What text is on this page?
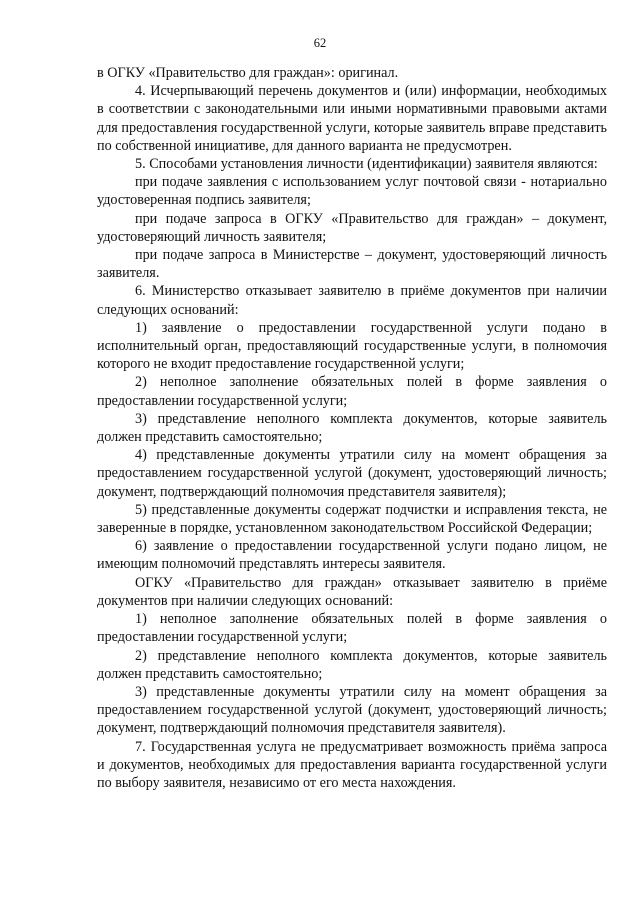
62

в ОГКУ «Правительство для граждан»: оригинал.

4. Исчерпывающий перечень документов и (или) информации, необходимых в соответствии с законодательными или иными нормативными правовыми актами для предоставления государственной услуги, которые заявитель вправе представить по собственной инициативе, для данного варианта не предусмотрен.

5. Способами установления личности (идентификации) заявителя являются:

при подаче заявления с использованием услуг почтовой связи - нотариально удостоверенная подпись заявителя;

при подаче запроса в ОГКУ «Правительство для граждан» – документ, удостоверяющий личность заявителя;

при подаче запроса в Министерстве – документ, удостоверяющий личность заявителя.

6. Министерство отказывает заявителю в приёме документов при наличии следующих оснований:

1) заявление о предоставлении государственной услуги подано в исполнительный орган, предоставляющий государственные услуги, в полномочия которого не входит предоставление государственной услуги;

2) неполное заполнение обязательных полей в форме заявления о предоставлении государственной услуги;

3) представление неполного комплекта документов, которые заявитель должен представить самостоятельно;

4) представленные документы утратили силу на момент обращения за предоставлением государственной услугой (документ, удостоверяющий личность; документ, подтверждающий полномочия представителя заявителя);

5) представленные документы содержат подчистки и исправления текста, не заверенные в порядке, установленном законодательством Российской Федерации;

6) заявление о предоставлении государственной услуги подано лицом, не имеющим полномочий представлять интересы заявителя.

ОГКУ «Правительство для граждан» отказывает заявителю в приёме документов при наличии следующих оснований:

1) неполное заполнение обязательных полей в форме заявления о предоставлении государственной услуги;

2) представление неполного комплекта документов, которые заявитель должен представить самостоятельно;

3) представленные документы утратили силу на момент обращения за предоставлением государственной услугой (документ, удостоверяющий личность; документ, подтверждающий полномочия представителя заявителя).

7. Государственная услуга не предусматривает возможность приёма запроса и документов, необходимых для предоставления варианта государственной услуги по выбору заявителя, независимо от его места нахождения.
